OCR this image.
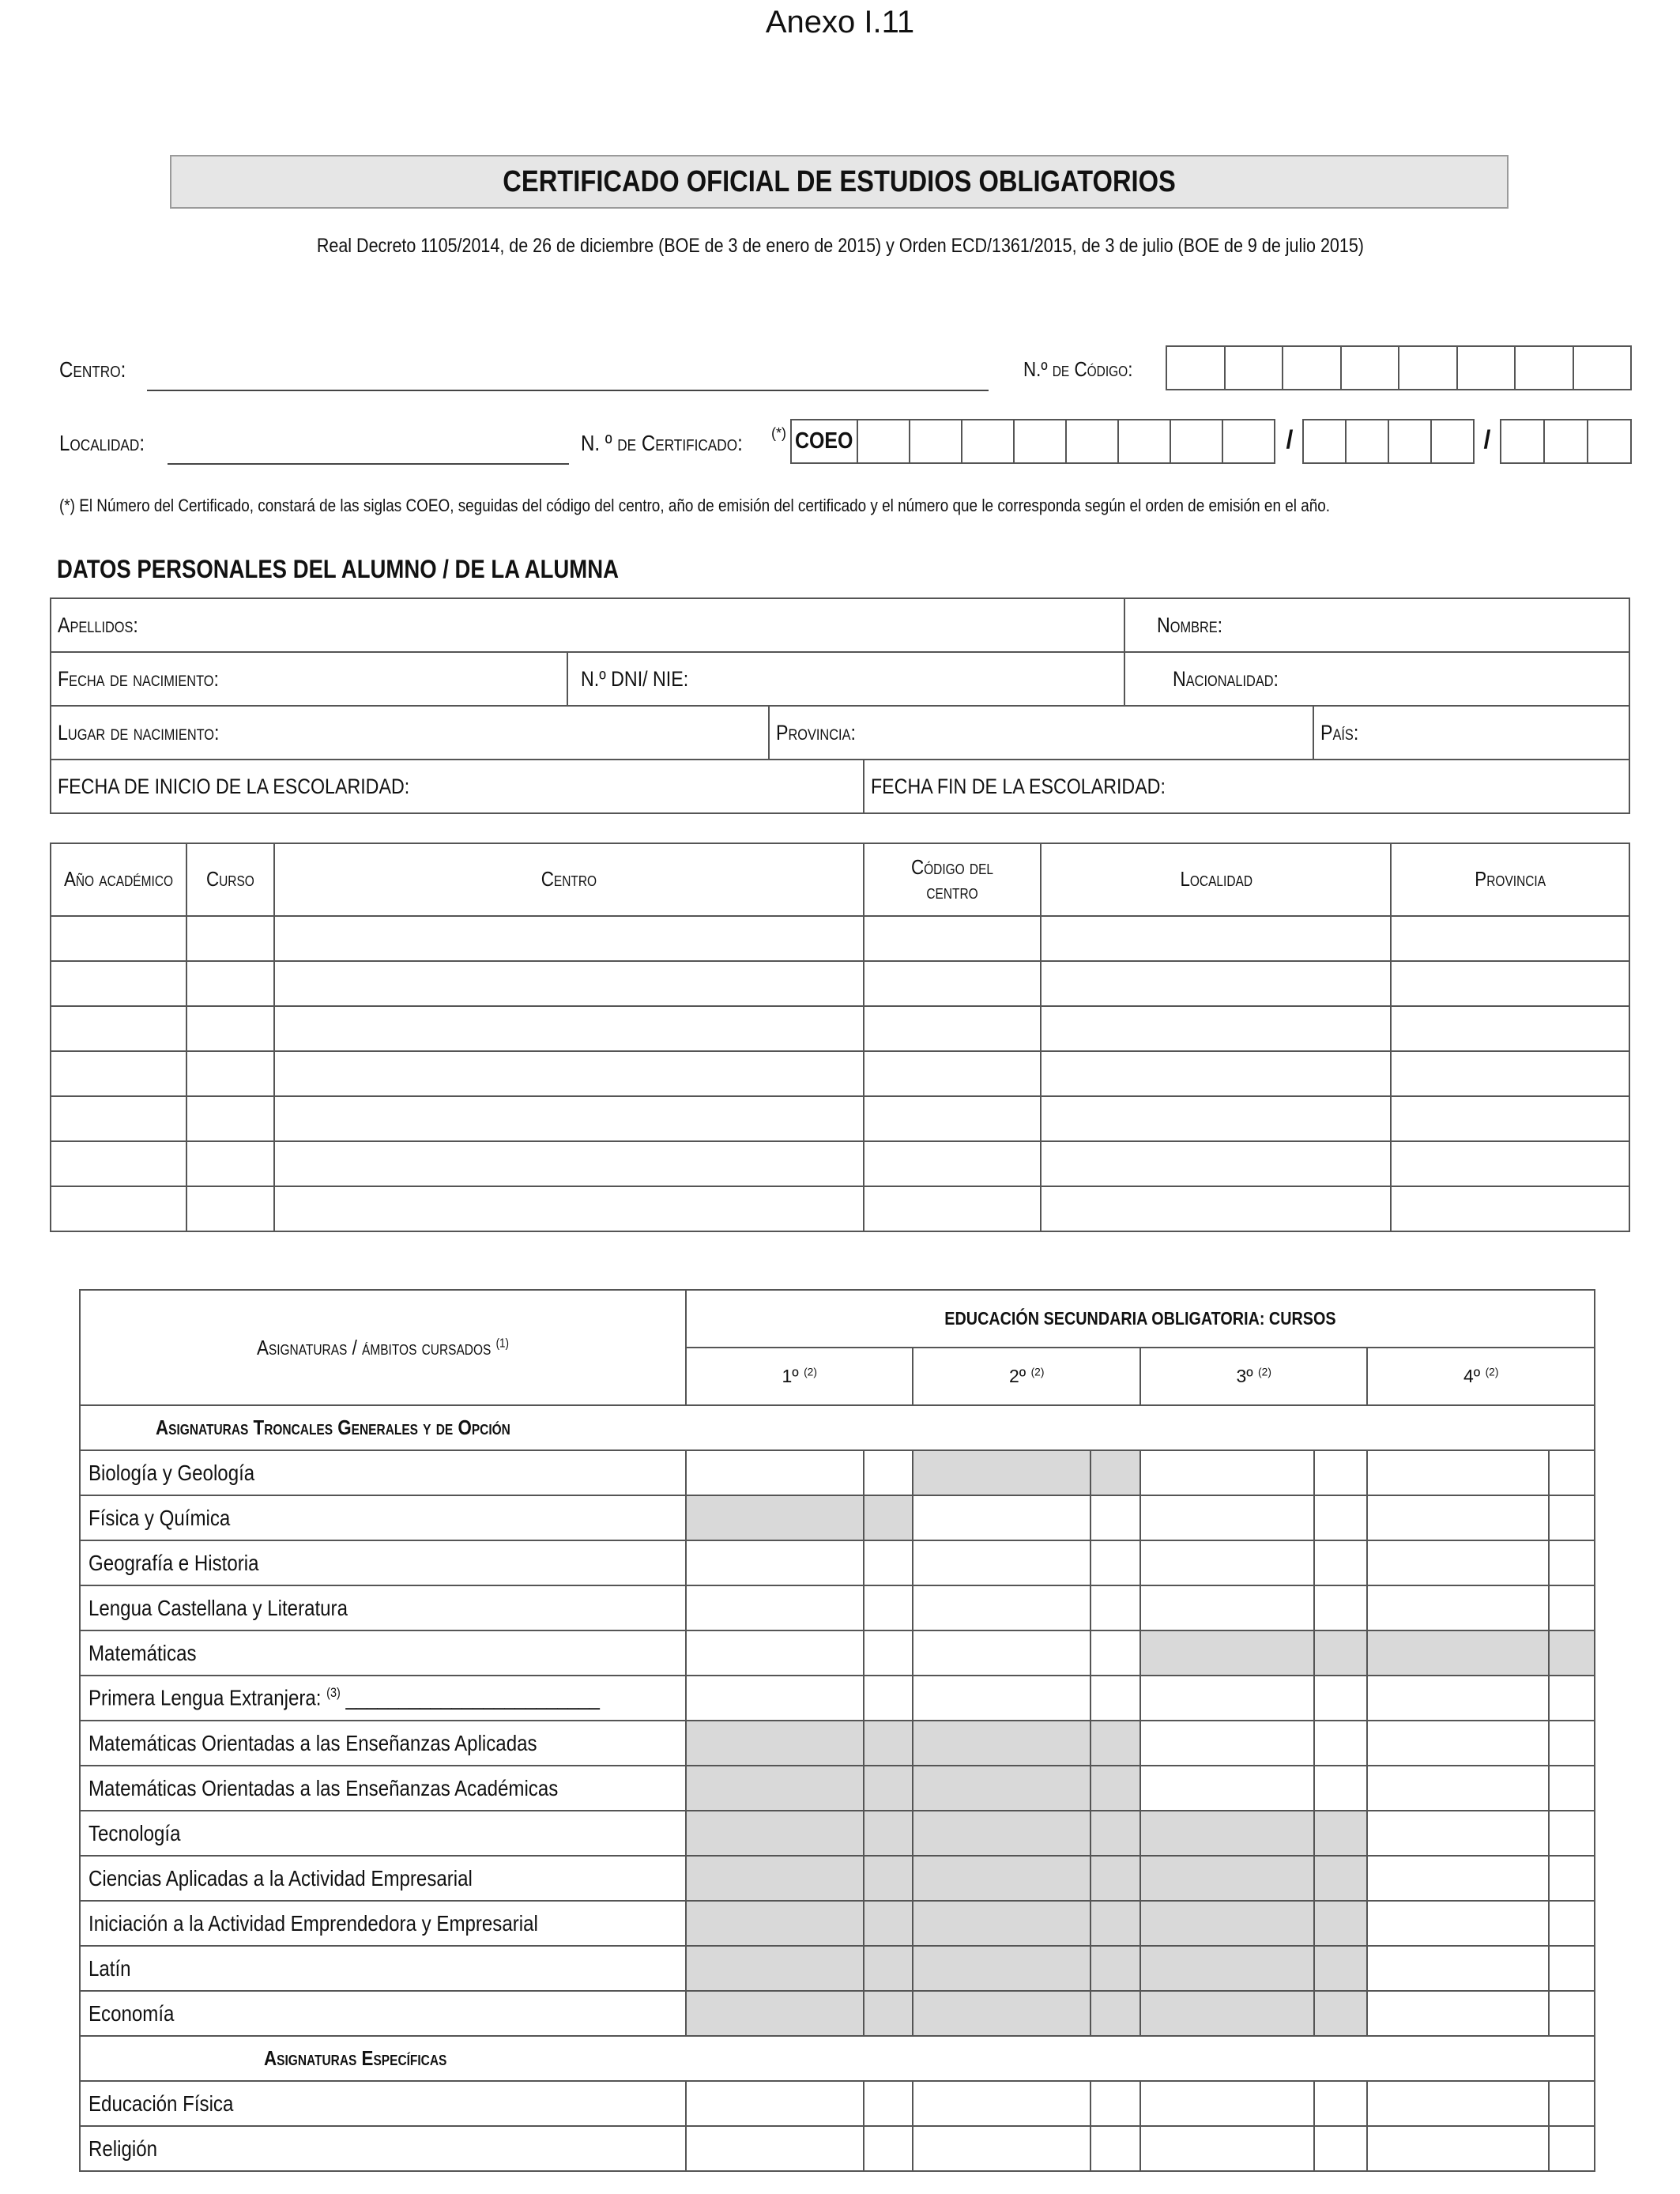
Anexo I.11
CERTIFICADO OFICIAL DE ESTUDIOS OBLIGATORIOS
Real Decreto 1105/2014, de 26 de diciembre (BOE de 3 de enero de 2015) y Orden ECD/1361/2015, de 3 de julio (BOE de 9 de julio 2015)
Centro:	N.º de Código:
Localidad:	N. º de Certificado:	(*) COEO	/	/
(*) El Número del Certificado, constará de las siglas COEO, seguidas del código del centro, año de emisión del certificado y el número que le corresponda según el orden de emisión en el año.
DATOS PERSONALES DEL ALUMNO / DE LA ALUMNA
Apellidos:				Nombre:	
Fecha de nacimiento:	N.º DNI/ NIE:			Nacionalidad:	
Lugar de nacimiento:		Provincia:			País:
FECHA DE INICIO DE LA ESCOLARIDAD:			FECHA FIN DE LA ESCOLARIDAD:		
Año académico	Curso	Centro	Código del centro	Localidad	Provincia

Asignaturas / ámbitos cursados $^{(1)}$	EDUCACIÓN SECUNDARIA OBLIGATORIA: CURSOS							
	1º $^{(2)}$		2º $^{(2)}$		3º $^{(2)}$		4º $^{(2)}$
Asignaturas Troncales Generales y de Opción								
Biología y Geología								
Física y Química								
Geografía e Historia								
Lengua Castellana y Literatura								
Matemáticas								
Primera Lengua Extranjera: $^{(3)}$ ________________________								
Matemáticas Orientadas a las Enseñanzas Aplicadas								
Matemáticas Orientadas a las Enseñanzas Académicas								
Tecnología								
Ciencias Aplicadas a la Actividad Empresarial								
Iniciación a la Actividad Emprendedora y Empresarial								
Latín								
Economía								
Asignaturas Específicas								
Educación Física								
Religión								
